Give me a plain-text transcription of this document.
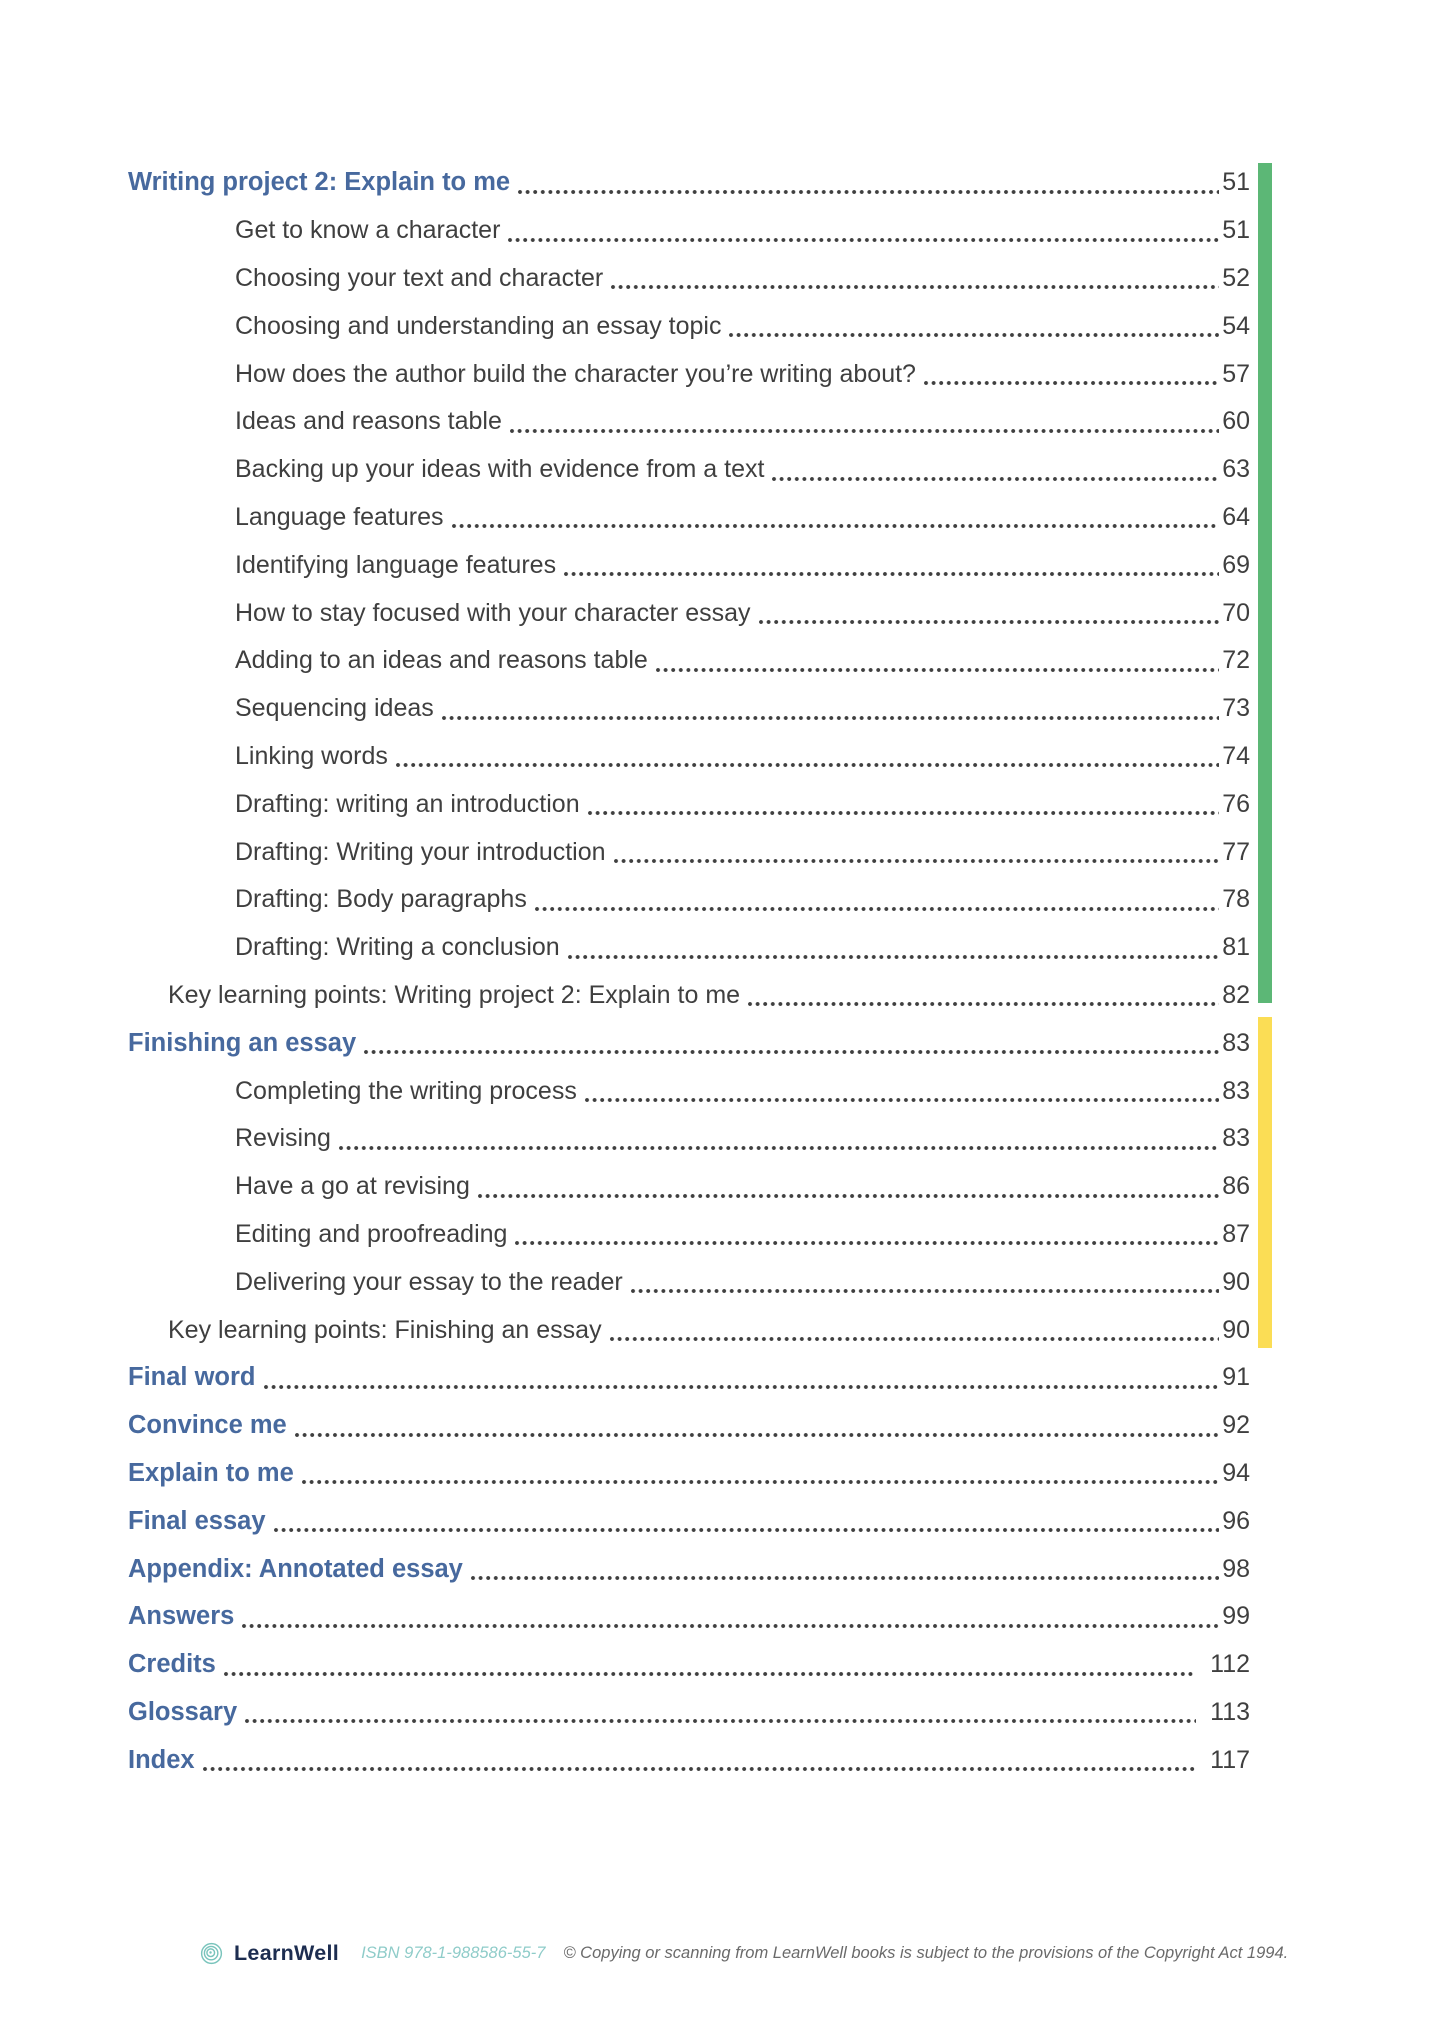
Writing project 2: Explain to me	51
Get to know a character	51
Choosing your text and character	52
Choosing and understanding an essay topic	54
How does the author build the character you’re writing about?	57
Ideas and reasons table	60
Backing up your ideas with evidence from a text	63
Language features	64
Identifying language features	69
How to stay focused with your character essay	70
Adding to an ideas and reasons table	72
Sequencing ideas	73
Linking words	74
Drafting: writing an introduction	76
Drafting: Writing your introduction	77
Drafting: Body paragraphs	78
Drafting: Writing a conclusion	81
Key learning points: Writing project 2: Explain to me	82
Finishing an essay	83
Completing the writing process	83
Revising	83
Have a go at revising	86
Editing and proofreading	87
Delivering your essay to the reader	90
Key learning points: Finishing an essay	90
Final word	91
Convince me	92
Explain to me	94
Final essay	96
Appendix: Annotated essay	98
Answers	99
Credits	112
Glossary	113
Index	117
LearnWell ISBN 978-1-988586-55-7 © Copying or scanning from LearnWell books is subject to the provisions of the Copyright Act 1994.
